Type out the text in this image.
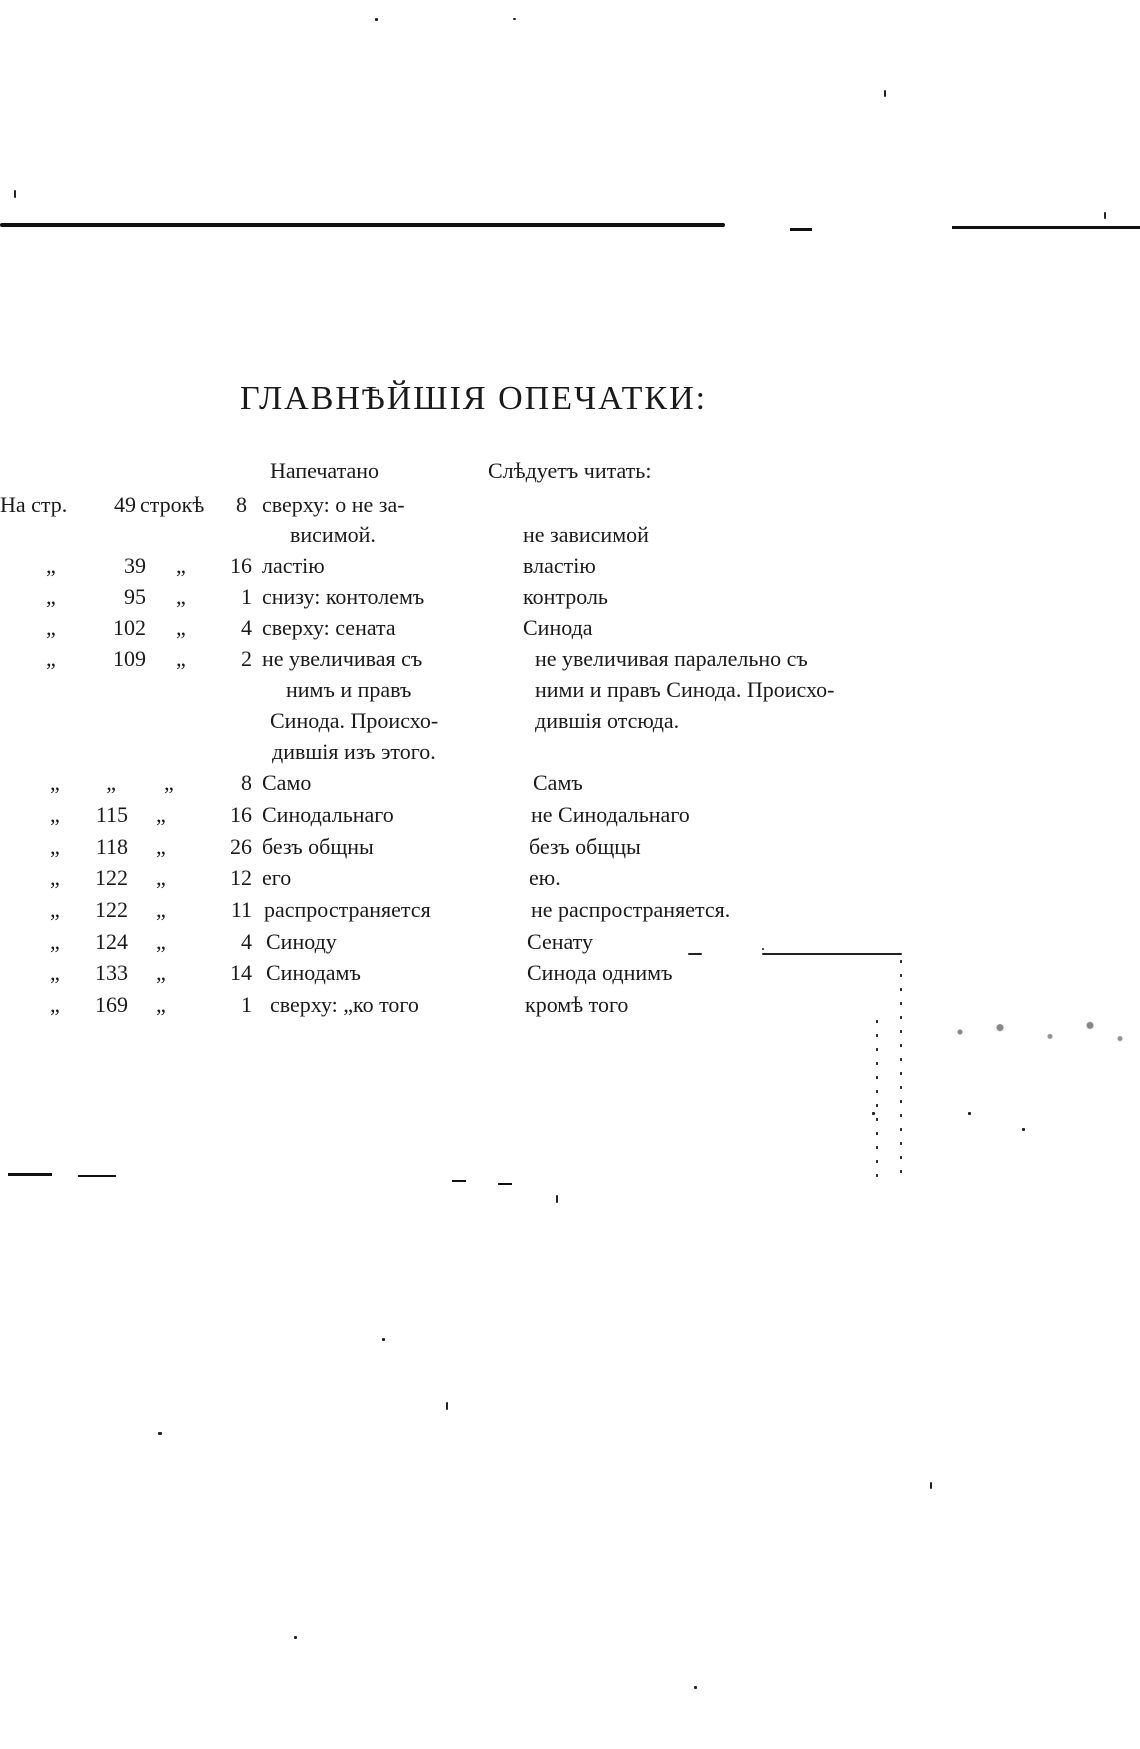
ГЛАВНѢЙШІЯ ОПЕЧАТКИ:
Напечатано	Слѣдуетъ читать:
На стр.	49 строкѣ	8 сверху: о не за-
висимой.	не зависимой
„	39 „	16 ластію	властію
„	95 „	1 снизу: контолемъ	контроль
„	102 „	4 сверху: сената	Синода
„	109 „	2 не увеличивая съ	не увеличивая паралельно съ
нимъ и правъ	ними и правъ Синода. Происхо-
Синода. Происхо-	дившія отсюда.
дившія изъ этого.
„	„ „	8 Само	Самъ
„	115 „	16 Синодальнаго	не Синодальнаго
„	118 „	26 безъ общны	безъ общцы
„	122 „	12 его	ею.
„	122 „	11 распространяется	не распространяется.
„	124 „	4 Синоду	Сенату
„	133 „	14 Синодамъ	Синода однимъ
„	169 „	1 сверху: „ко того	кромѣ того
